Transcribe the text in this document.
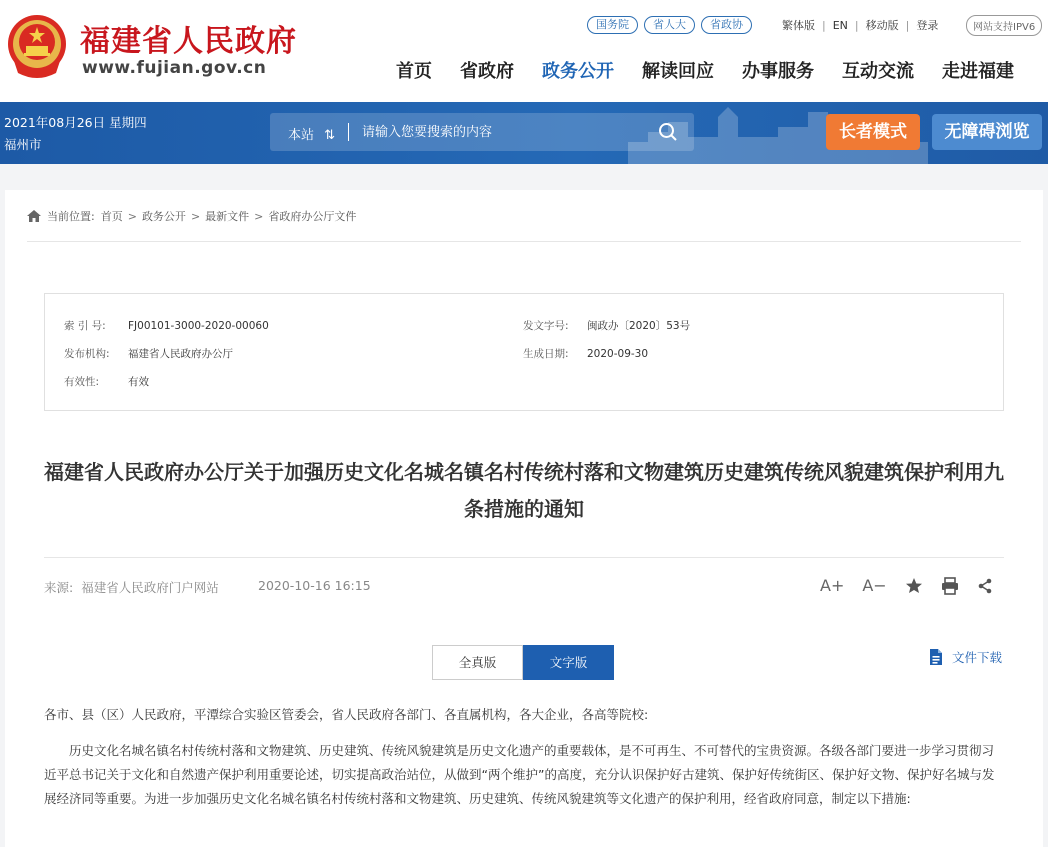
福建省人民政府
www.fujian.gov.cn
国务院	省人大	省政协	繁体版 | EN | 移动版 | 登录	网站支持IPV6
首页 省政府 政务公开 解读回应 办事服务 互动交流 走进福建
2021年08月26日 星期四
福州市
本站 ⇅
请输入您要搜索的内容	长者模式	无障碍浏览
当前位置: 首页 > 政务公开 > 最新文件 > 省政府办公厅文件
索 引 号: FJ00101-3000-2020-00060	发文字号: 闽政办〔2020〕53号
发布机构: 福建省人民政府办公厅	生成日期: 2020-09-30
有效性:	有效
福建省人民政府办公厅关于加强历史文化名城名镇名村传统村落和文物建筑历史建筑传统风貌建筑保护利用九条措施的通知
来源: 福建省人民政府门户网站	2020-10-16 16:15	A+ A−
全真版	文字版	文件下载
各市、县（区）人民政府，平潭综合实验区管委会，省人民政府各部门、各直属机构，各大企业，各高等院校:
历史文化名城名镇名村传统村落和文物建筑、历史建筑、传统风貌建筑是历史文化遗产的重要载体，是不可再生、不可替代的宝贵资源。各级各部门要进一步学习贯彻习近平总书记关于文化和自然遗产保护利用重要论述，切实提高政治站位，从做到“两个维护”的高度，充分认识保护好古建筑、保护好传统街区、保护好文物、保护好名城与发展经济同等重要。为进一步加强历史文化名城名镇名村传统村落和文物建筑、历史建筑、传统风貌建筑等文化遗产的保护利用，经省政府同意，制定以下措施:
